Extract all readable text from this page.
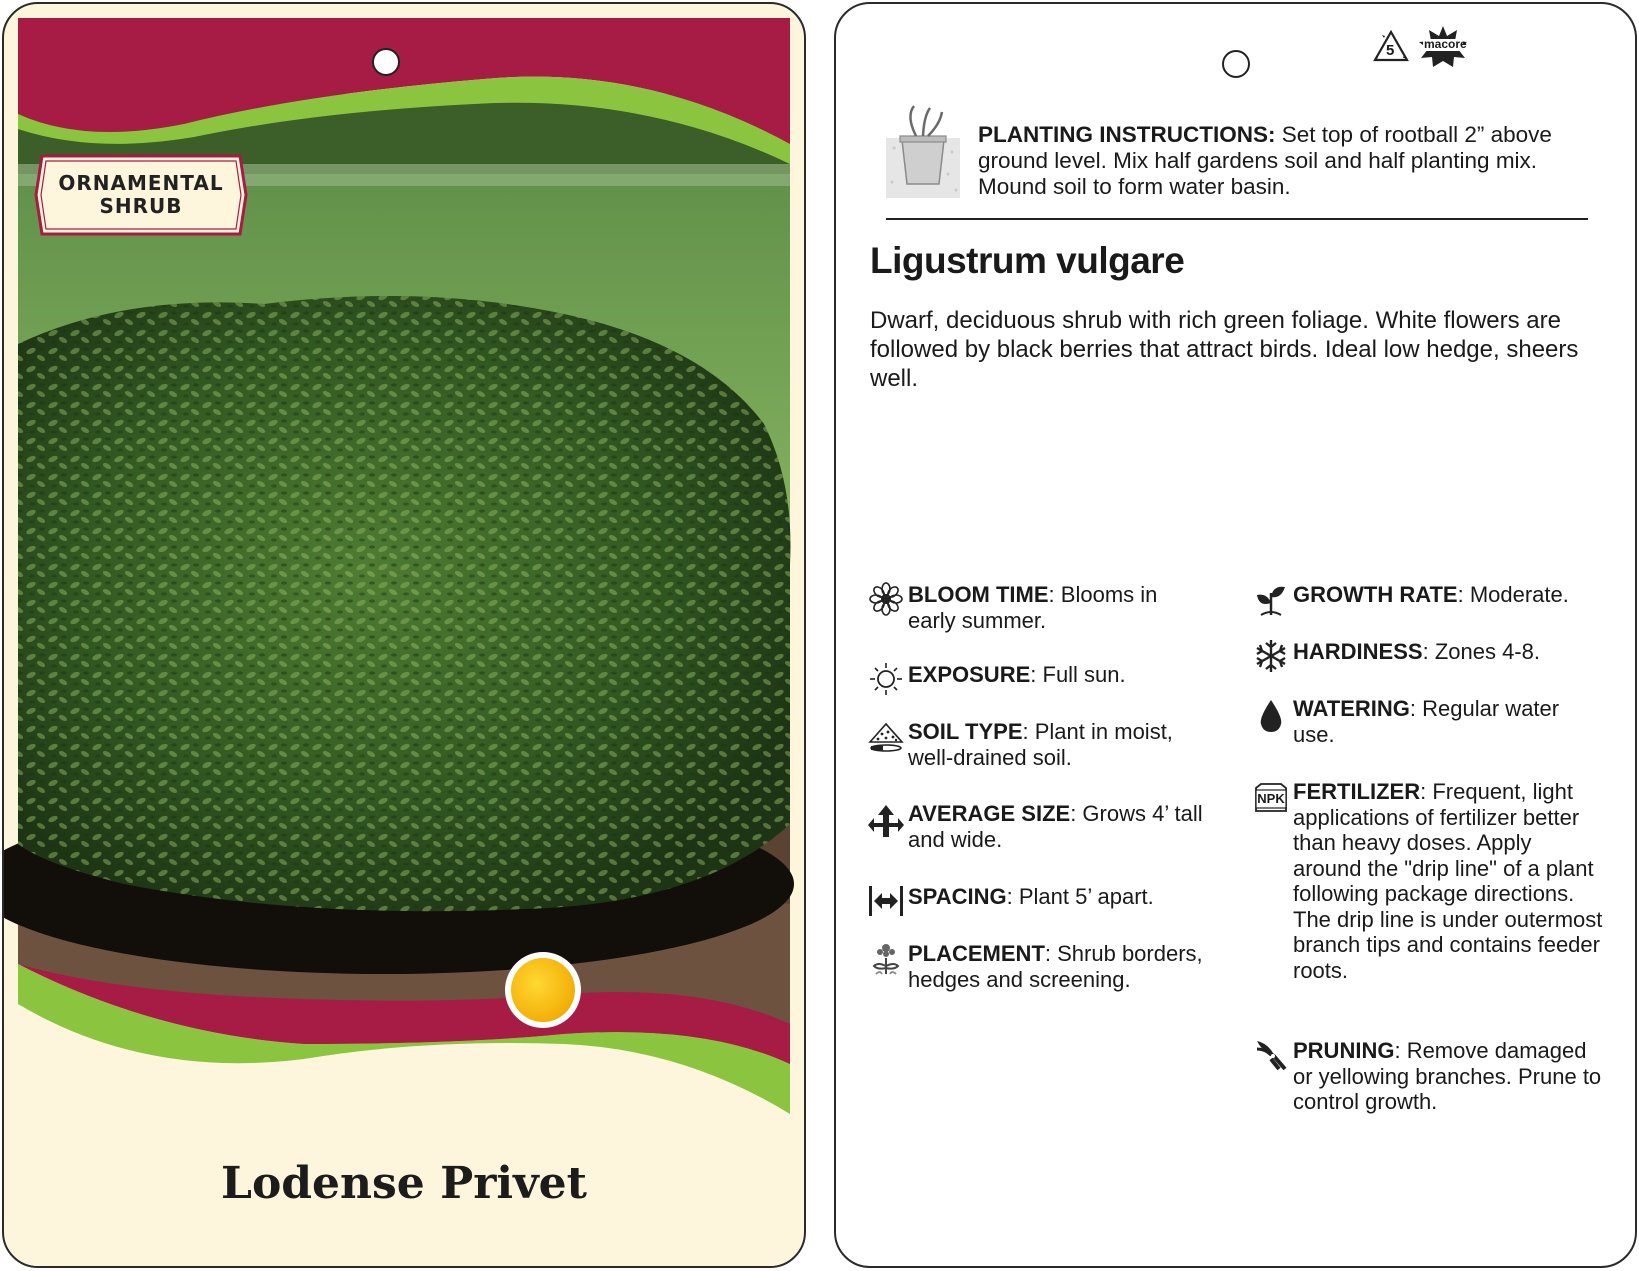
ORNAMENTAL
SHRUB
Lodense Privet
5 macore
PLANTING INSTRUCTIONS: Set top of rootball 2” above ground level. Mix half gardens soil and half planting mix. Mound soil to form water basin.
Ligustrum vulgare
Dwarf, deciduous shrub with rich green foliage. White flowers are followed by black berries that attract birds. Ideal low hedge, sheers well.
BLOOM TIME: Blooms in early summer.
EXPOSURE: Full sun.
SOIL TYPE: Plant in moist, well-drained soil.
AVERAGE SIZE: Grows 4’ tall and wide.
SPACING: Plant 5’ apart.
PLACEMENT: Shrub borders, hedges and screening.
GROWTH RATE: Moderate.
HARDINESS: Zones 4-8.
WATERING: Regular water use.
NPK FERTILIZER: Frequent, light applications of fertilizer better than heavy doses. Apply around the "drip line" of a plant following package directions. The drip line is under outermost branch tips and contains feeder roots.
PRUNING: Remove damaged or yellowing branches. Prune to control growth.
